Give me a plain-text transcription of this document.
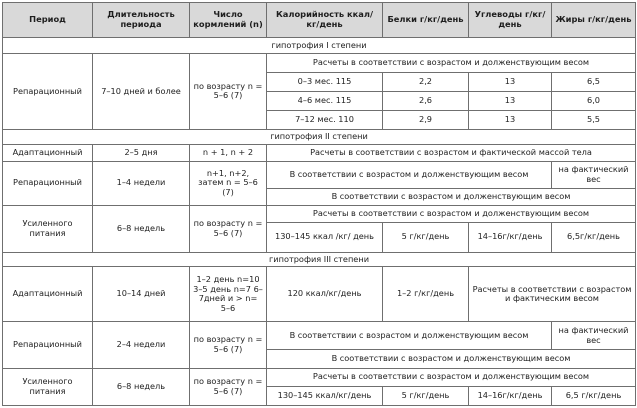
Период	Длительность периода	Число кормлений (n)	Калорийность ккал/кг/день	Белки г/кг/день	Углеводы г/кг/день	Жиры г/кг/день
гипотрофия I степени						
Репарационный	7–10 дней и более	по возрасту n = 5–6 (7)	Расчеты в соответствии с возрастом и долженствующим весом			
			0–3 мес. 115	2,2	13	6,5
			4–6 мес. 115	2,6	13	6,0
			7–12 мес. 110	2,9	13	5,5
гипотрофия II степени						
Адаптационный	2–5 дня	n + 1, n + 2	Расчеты в соответствии с возрастом и фактической массой тела			
Репарационный	1–4 недели	n+1, n+2, затем n = 5–6 (7)	В соответствии с возрастом и долженствующим весом			на фактический вес
			В соответствии с возрастом и долженствующим весом			
Усиленного питания	6–8 недель	по возрасту n = 5–6 (7)	Расчеты в соответствии с возрастом и долженствующим весом			
			130–145 ккал /кг/ день	5 г/кг/день	14–16г/кг/день	6,5г/кг/день
гипотрофия III степени						
Адаптационный	10–14 дней	1–2 день n=10 3–5 день n=7 6–7дней и > n= 5–6	120 ккал/кг/день	1–2 г/кг/день	Расчеты в соответствии с возрастом и фактическим весом	
Репарационный	2–4 недели	по возрасту n = 5–6 (7)	В соответствии с возрастом и долженствующим весом			на фактический вес
			В соответствии с возрастом и долженствующим весом			
Усиленного питания	6–8 недель	по возрасту n = 5–6 (7)	Расчеты в соответствии с возрастом и долженствующим весом			
			130–145 ккал/кг/день	5 г/кг/день	14–16г/кг/день	6,5 г/кг/день
